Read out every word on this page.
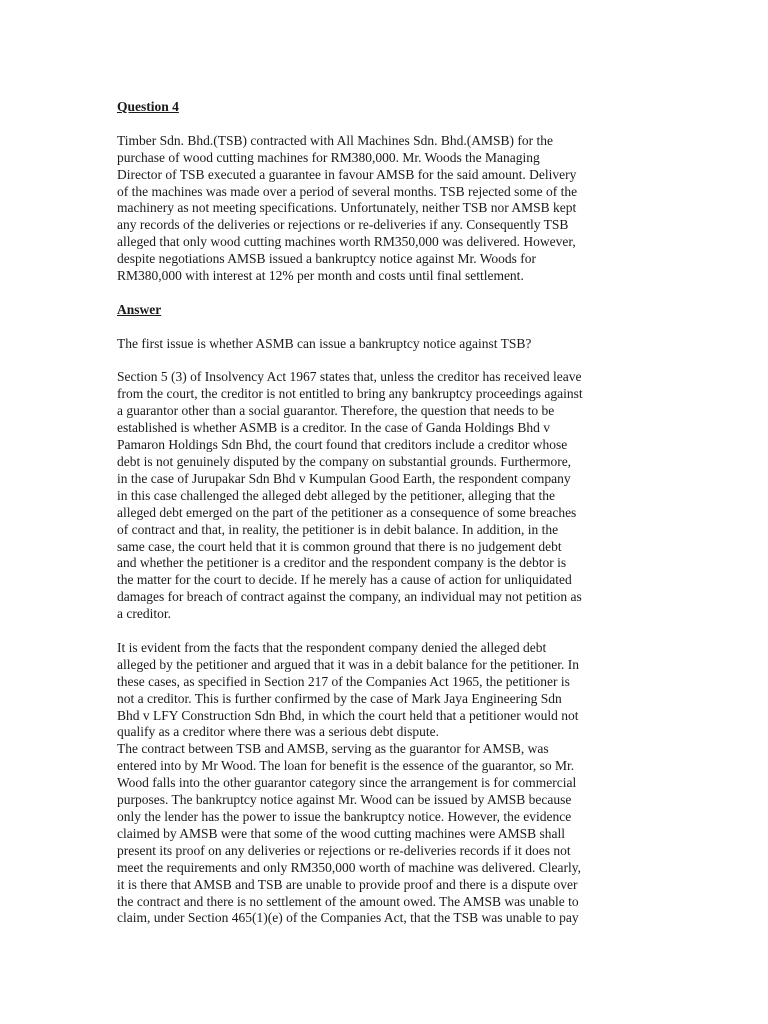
Question 4

Timber Sdn. Bhd.(TSB) contracted with All Machines Sdn. Bhd.(AMSB) for the
purchase of wood cutting machines for RM380,000. Mr. Woods the Managing
Director of TSB executed a guarantee in favour AMSB for the said amount. Delivery
of the machines was made over a period of several months. TSB rejected some of the
machinery as not meeting specifications. Unfortunately, neither TSB nor AMSB kept
any records of the deliveries or rejections or re-deliveries if any. Consequently TSB
alleged that only wood cutting machines worth RM350,000 was delivered. However,
despite negotiations AMSB issued a bankruptcy notice against Mr. Woods for
RM380,000 with interest at 12% per month and costs until final settlement.

Answer

The first issue is whether ASMB can issue a bankruptcy notice against TSB?

Section 5 (3) of Insolvency Act 1967 states that, unless the creditor has received leave
from the court, the creditor is not entitled to bring any bankruptcy proceedings against
a guarantor other than a social guarantor. Therefore, the question that needs to be
established is whether ASMB is a creditor. In the case of Ganda Holdings Bhd v
Pamaron Holdings Sdn Bhd, the court found that creditors include a creditor whose
debt is not genuinely disputed by the company on substantial grounds. Furthermore,
in the case of Jurupakar Sdn Bhd v Kumpulan Good Earth, the respondent company
in this case challenged the alleged debt alleged by the petitioner, alleging that the
alleged debt emerged on the part of the petitioner as a consequence of some breaches
of contract and that, in reality, the petitioner is in debit balance. In addition, in the
same case, the court held that it is common ground that there is no judgement debt
and whether the petitioner is a creditor and the respondent company is the debtor is
the matter for the court to decide. If he merely has a cause of action for unliquidated
damages for breach of contract against the company, an individual may not petition as
a creditor.

It is evident from the facts that the respondent company denied the alleged debt
alleged by the petitioner and argued that it was in a debit balance for the petitioner. In
these cases, as specified in Section 217 of the Companies Act 1965, the petitioner is
not a creditor. This is further confirmed by the case of Mark Jaya Engineering Sdn
Bhd v LFY Construction Sdn Bhd, in which the court held that a petitioner would not
qualify as a creditor where there was a serious debt dispute.

The contract between TSB and AMSB, serving as the guarantor for AMSB, was
entered into by Mr Wood. The loan for benefit is the essence of the guarantor, so Mr.
Wood falls into the other guarantor category since the arrangement is for commercial
purposes. The bankruptcy notice against Mr. Wood can be issued by AMSB because
only the lender has the power to issue the bankruptcy notice. However, the evidence
claimed by AMSB were that some of the wood cutting machines were AMSB shall
present its proof on any deliveries or rejections or re-deliveries records if it does not
meet the requirements and only RM350,000 worth of machine was delivered. Clearly,
it is there that AMSB and TSB are unable to provide proof and there is a dispute over
the contract and there is no settlement of the amount owed. The AMSB was unable to
claim, under Section 465(1)(e) of the Companies Act, that the TSB was unable to pay
